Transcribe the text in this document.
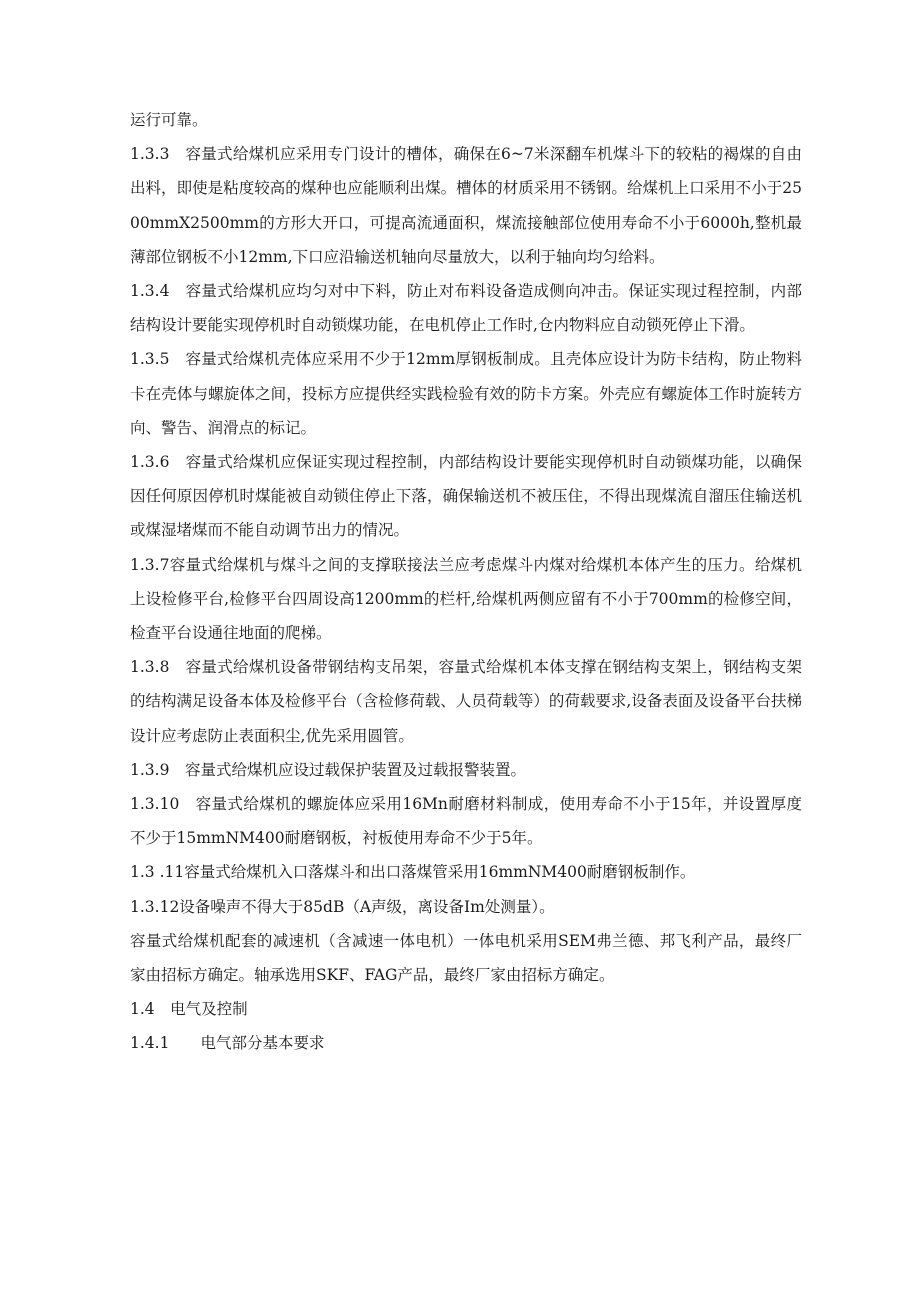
运行可靠。

1.3.3　容量式给煤机应采用专门设计的槽体，确保在6~7米深翻车机煤斗下的较粘的褐煤的自由出料，即使是粘度较高的煤种也应能顺利出煤。槽体的材质采用不锈钢。给煤机上口采用不小于2500mmX2500mm的方形大开口，可提高流通面积，煤流接触部位使用寿命不小于6000h,整机最薄部位钢板不小12mm,下口应沿输送机轴向尽量放大，以利于轴向均匀给料。

1.3.4　容量式给煤机应均匀对中下料，防止对布料设备造成侧向冲击。保证实现过程控制，内部结构设计要能实现停机时自动锁煤功能，在电机停止工作时,仓内物料应自动锁死停止下滑。

1.3.5　容量式给煤机壳体应采用不少于12mm厚钢板制成。且壳体应设计为防卡结构，防止物料卡在壳体与螺旋体之间，投标方应提供经实践检验有效的防卡方案。外壳应有螺旋体工作时旋转方向、警告、润滑点的标记。

1.3.6　容量式给煤机应保证实现过程控制，内部结构设计要能实现停机时自动锁煤功能，以确保因任何原因停机时煤能被自动锁住停止下落，确保输送机不被压住，不得出现煤流自溜压住输送机或煤湿堵煤而不能自动调节出力的情况。

1.3.7容量式给煤机与煤斗之间的支撑联接法兰应考虑煤斗内煤对给煤机本体产生的压力。给煤机上设检修平台,检修平台四周设高1200mm的栏杆,给煤机两侧应留有不小于700mm的检修空间，检查平台设通往地面的爬梯。

1.3.8　容量式给煤机设备带钢结构支吊架，容量式给煤机本体支撑在钢结构支架上，钢结构支架的结构满足设备本体及检修平台（含检修荷载、人员荷载等）的荷载要求,设备表面及设备平台扶梯设计应考虑防止表面积尘,优先采用圆管。

1.3.9　容量式给煤机应设过载保护装置及过载报警装置。

1.3.10　容量式给煤机的螺旋体应采用16Mn耐磨材料制成，使用寿命不小于15年，并设置厚度不少于15mmNM400耐磨钢板，衬板使用寿命不少于5年。

1.3 .11容量式给煤机入口落煤斗和出口落煤管采用16mmNM400耐磨钢板制作。

1.3.12设备噪声不得大于85dB（A声级，离设备Im处测量）。

容量式给煤机配套的减速机（含减速一体电机）一体电机采用SEM弗兰德、邦飞利产品，最终厂家由招标方确定。轴承选用SKF、FAG产品，最终厂家由招标方确定。

1.4　电气及控制

1.4.1　　电气部分基本要求
